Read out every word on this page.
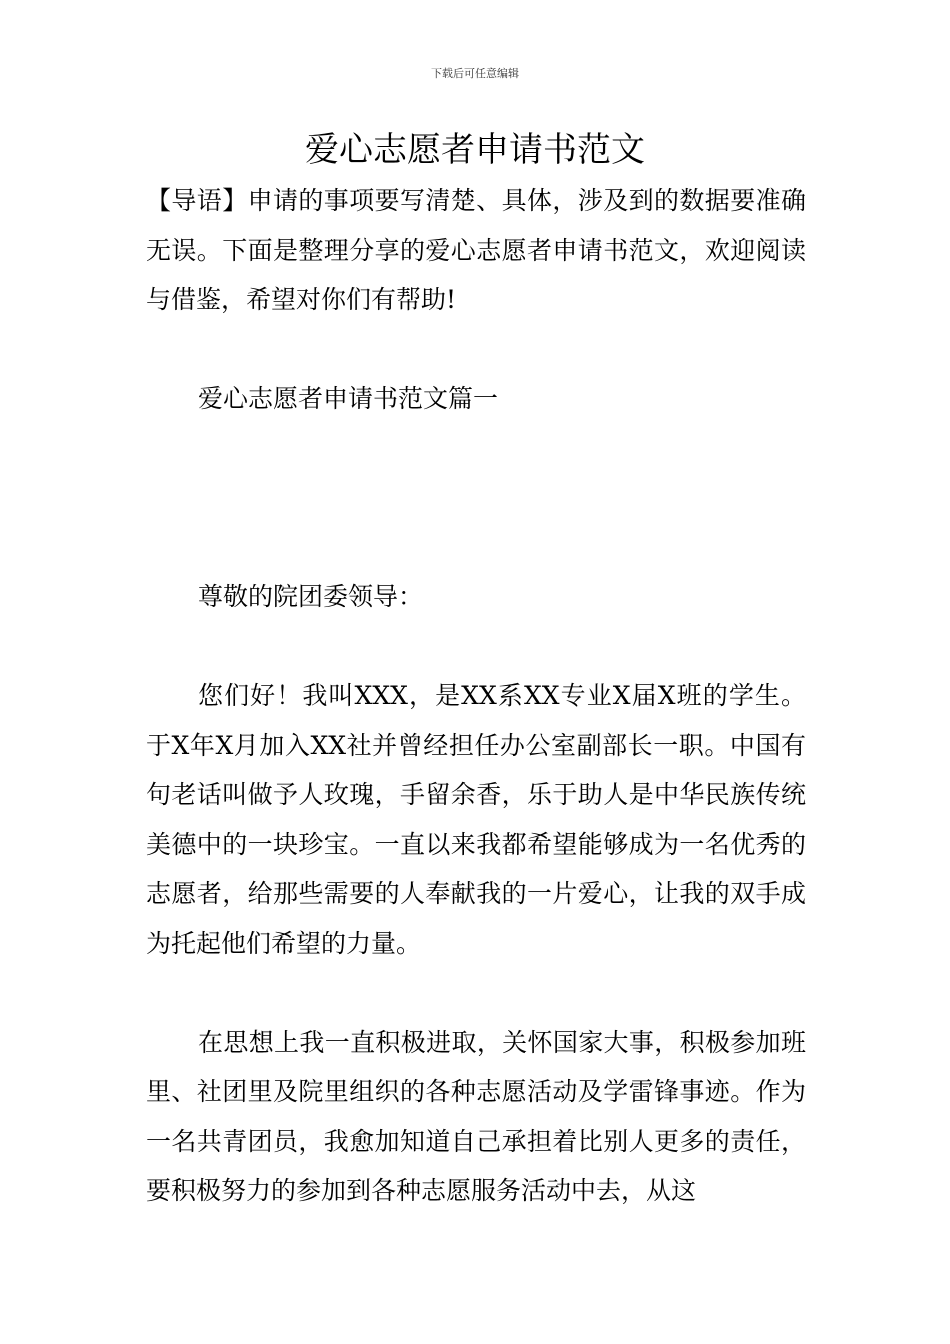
下载后可任意编辑
爱心志愿者申请书范文

【导语】申请的事项要写清楚、具体，涉及到的数据要准确无误。下面是整理分享的爱心志愿者申请书范文，欢迎阅读与借鉴，希望对你们有帮助!

爱心志愿者申请书范文篇一

尊敬的院团委领导：

您们好！我叫XXX，是XX系XX专业X届X班的学生。于X年X月加入XX社并曾经担任办公室副部长一职。中国有句老话叫做予人玫瑰，手留余香，乐于助人是中华民族传统美德中的一块珍宝。一直以来我都希望能够成为一名优秀的志愿者，给那些需要的人奉献我的一片爱心，让我的双手成为托起他们希望的力量。

在思想上我一直积极进取，关怀国家大事，积极参加班里、社团里及院里组织的各种志愿活动及学雷锋事迹。作为一名共青团员，我愈加知道自己承担着比别人更多的责任，要积极努力的参加到各种志愿服务活动中去，从这
